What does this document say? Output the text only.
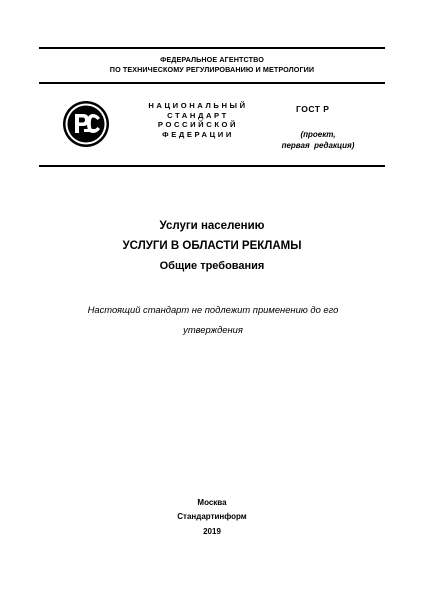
ФЕДЕРАЛЬНОЕ АГЕНТСТВО
ПО ТЕХНИЧЕСКОМУ РЕГУЛИРОВАНИЮ И МЕТРОЛОГИИ
НАЦИОНАЛЬНЫЙ
СТАНДАРТ
РОССИЙСКОЙ
ФЕДЕРАЦИИ
ГОСТ Р
(проект,
первая  редакция)
Услуги населению
УСЛУГИ В ОБЛАСТИ РЕКЛАМЫ
Общие требования
Настоящий стандарт не подлежит применению до его
утверждения
Москва
Стандартинформ
2019
